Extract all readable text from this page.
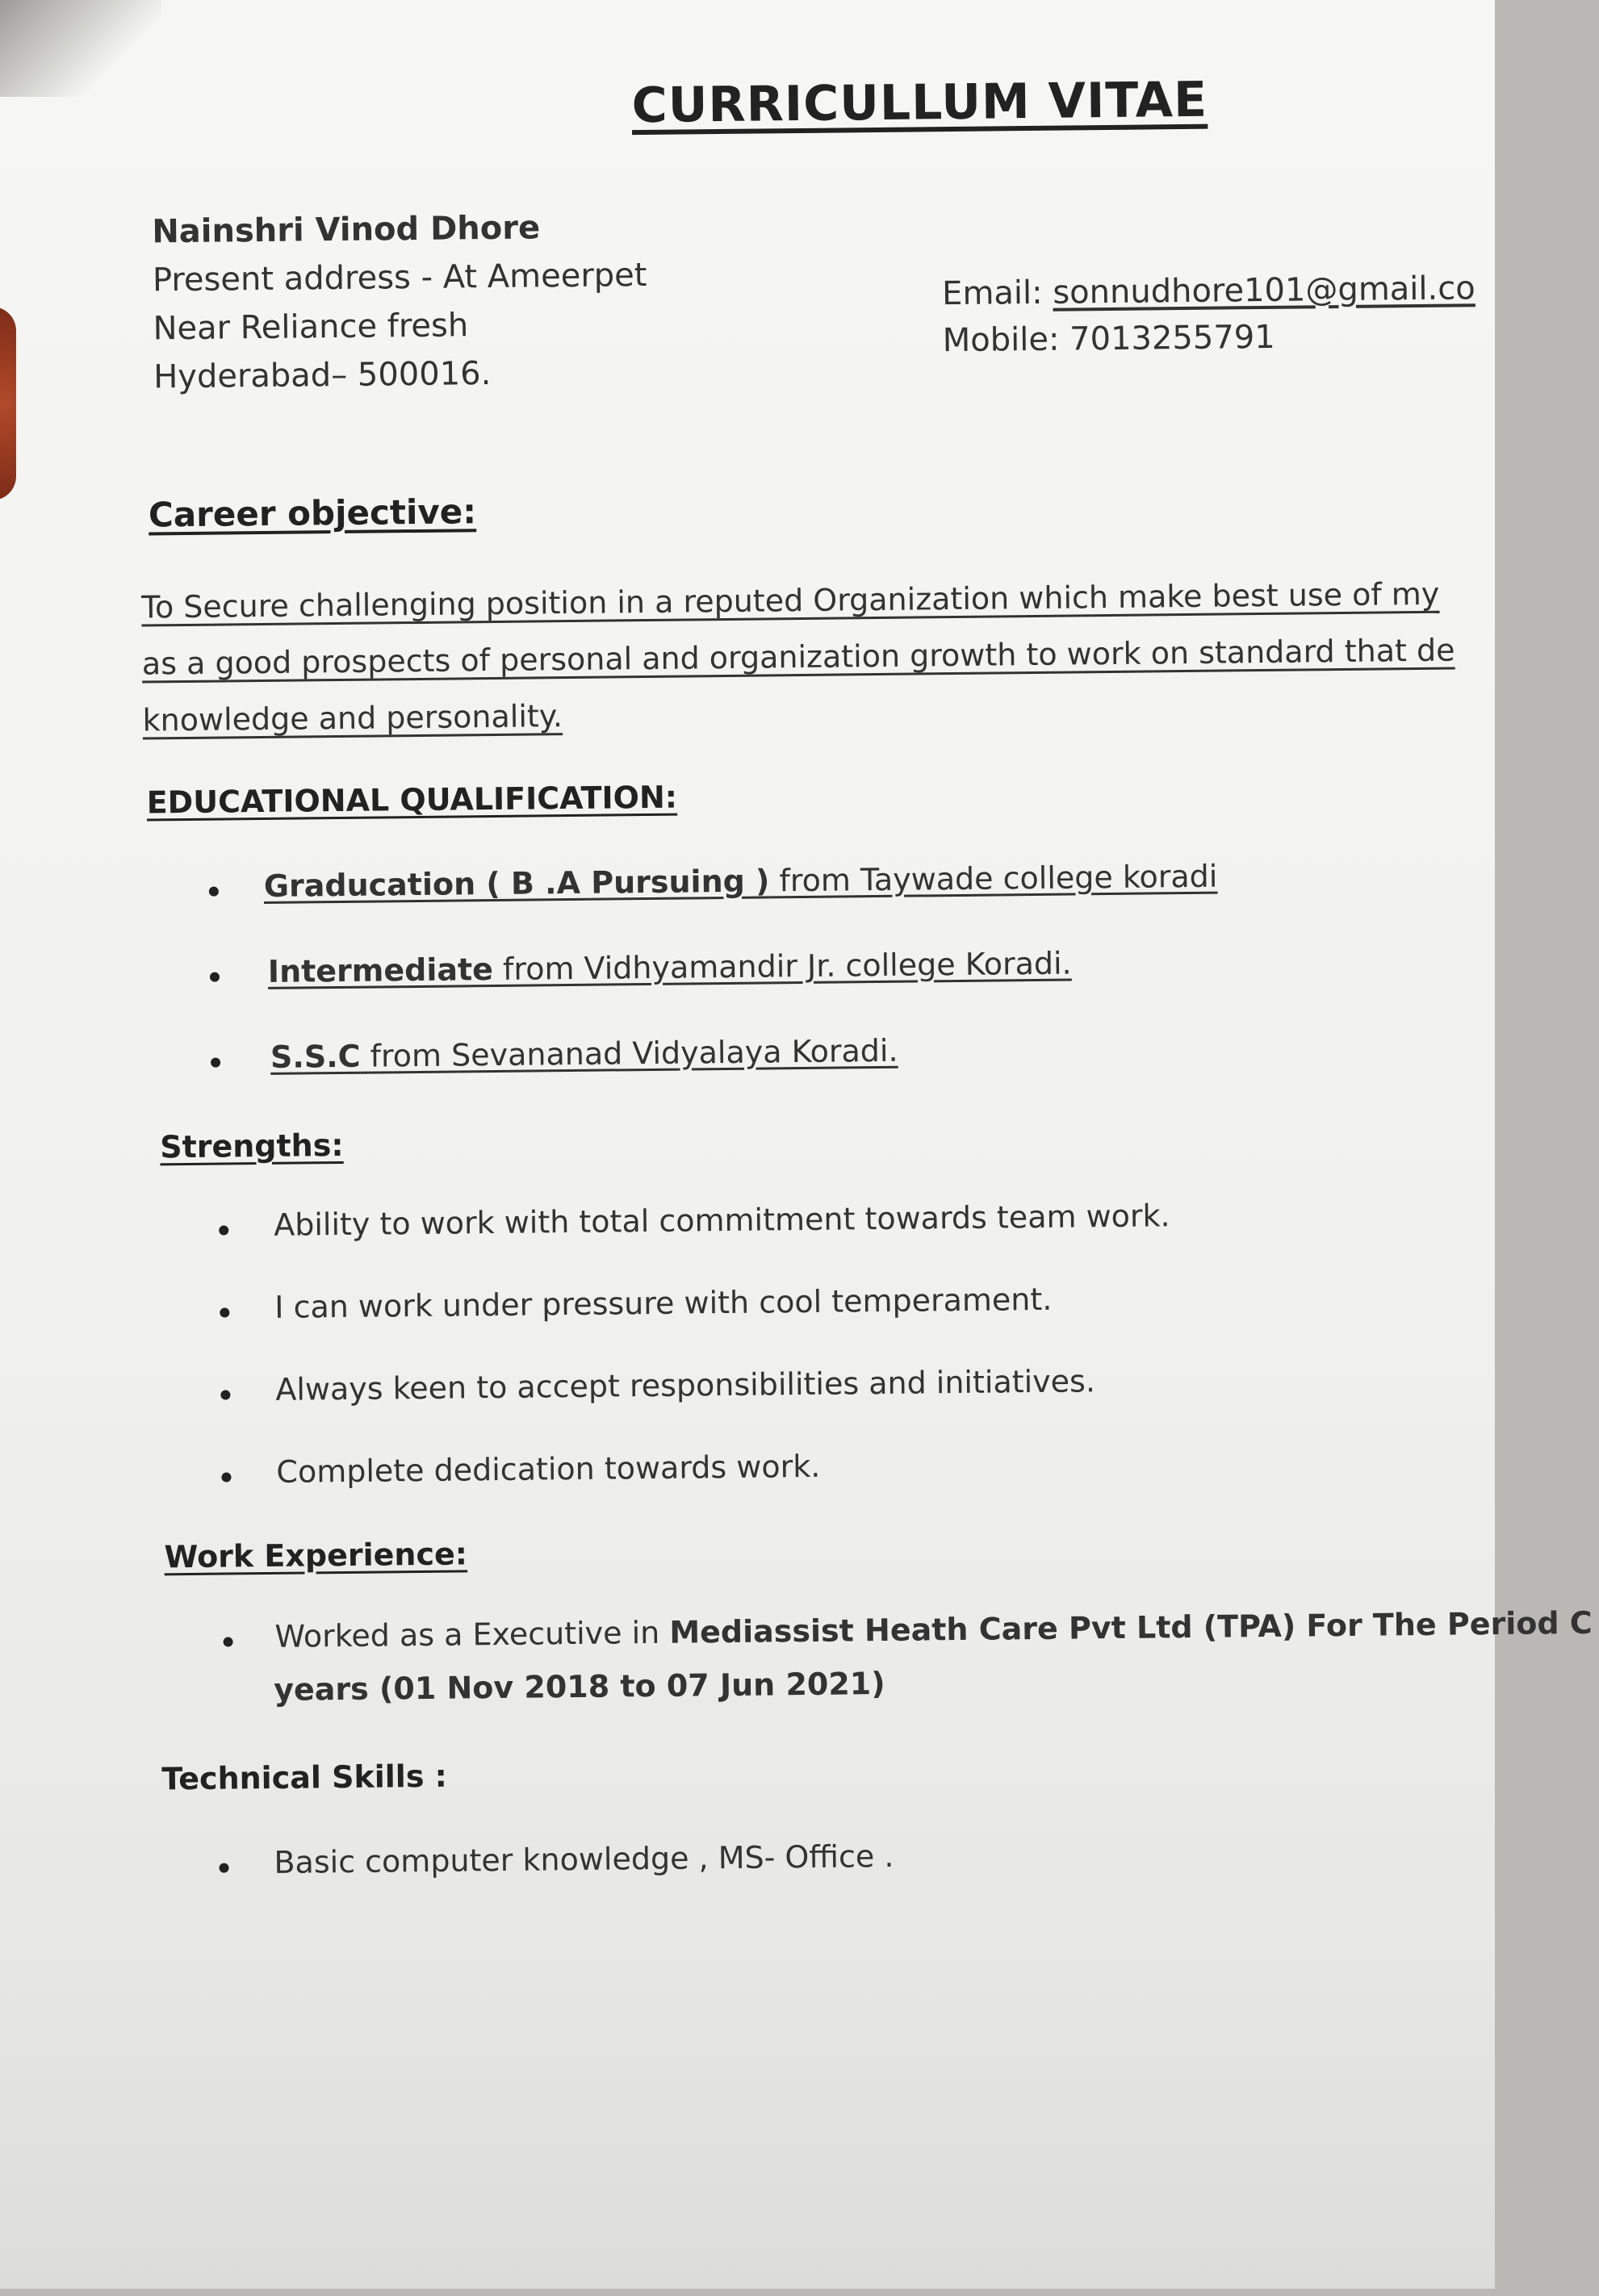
CURRICULLUM VITAE
Nainshri Vinod Dhore
Present address - At Ameerpet
Near Reliance fresh
Hyderabad– 500016.
Email: sonnudhore101@gmail.co
Mobile: 7013255791
Career objective:
To Secure challenging position in a reputed Organization which make best use of my
as a good prospects of personal and organization growth to work on standard that de
knowledge and personality.
EDUCATIONAL QUALIFICATION:
Graducation ( B .A Pursuing ) from Taywade college koradi
Intermediate from Vidhyamandir Jr. college Koradi.
S.S.C from Sevananad Vidyalaya Koradi.
Strengths:
Ability to work with total commitment towards team work.
I can work under pressure with cool temperament.
Always keen to accept responsibilities and initiatives.
Complete dedication towards work.
Work Experience:
Worked as a Executive in Mediassist Heath Care Pvt Ltd (TPA) For The Period C
years (01 Nov 2018 to 07 Jun 2021)
Technical Skills :
Basic computer knowledge , MS- Office .
